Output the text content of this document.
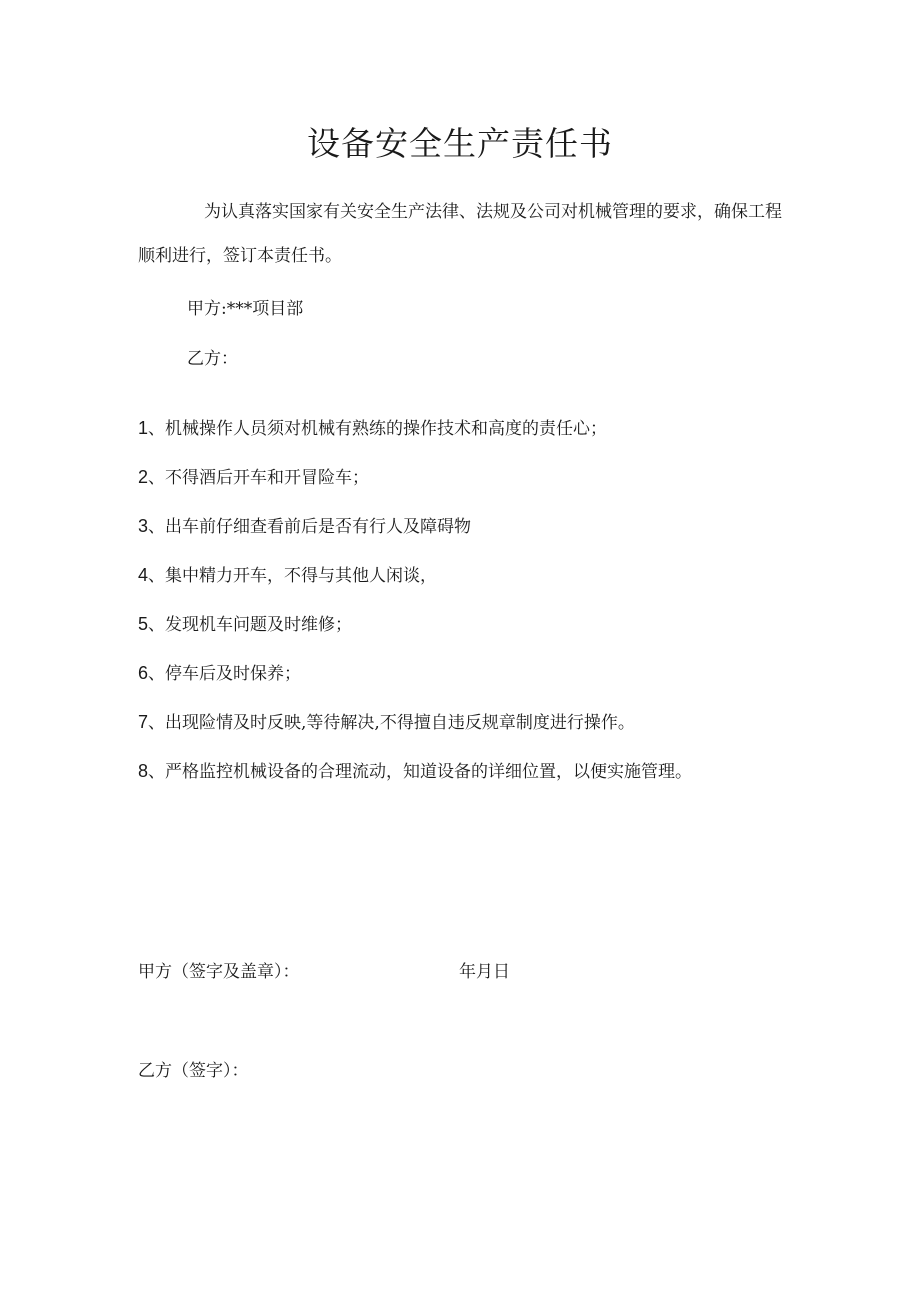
设备安全生产责任书

为认真落实国家有关安全生产法律、法规及公司对机械管理的要求，确保工程顺利进行，签订本责任书。

甲方:***项目部

乙方：

1、机械操作人员须对机械有熟练的操作技术和高度的责任心；

2、不得酒后开车和开冒险车；

3、出车前仔细查看前后是否有行人及障碍物

4、集中精力开车，不得与其他人闲谈，

5、发现机车问题及时维修；

6、停车后及时保养；

7、出现险情及时反映,等待解决,不得擅自违反规章制度进行操作。

8、严格监控机械设备的合理流动，知道设备的详细位置，以便实施管理。

甲方（签字及盖章）：	年月日

乙方（签字）：
